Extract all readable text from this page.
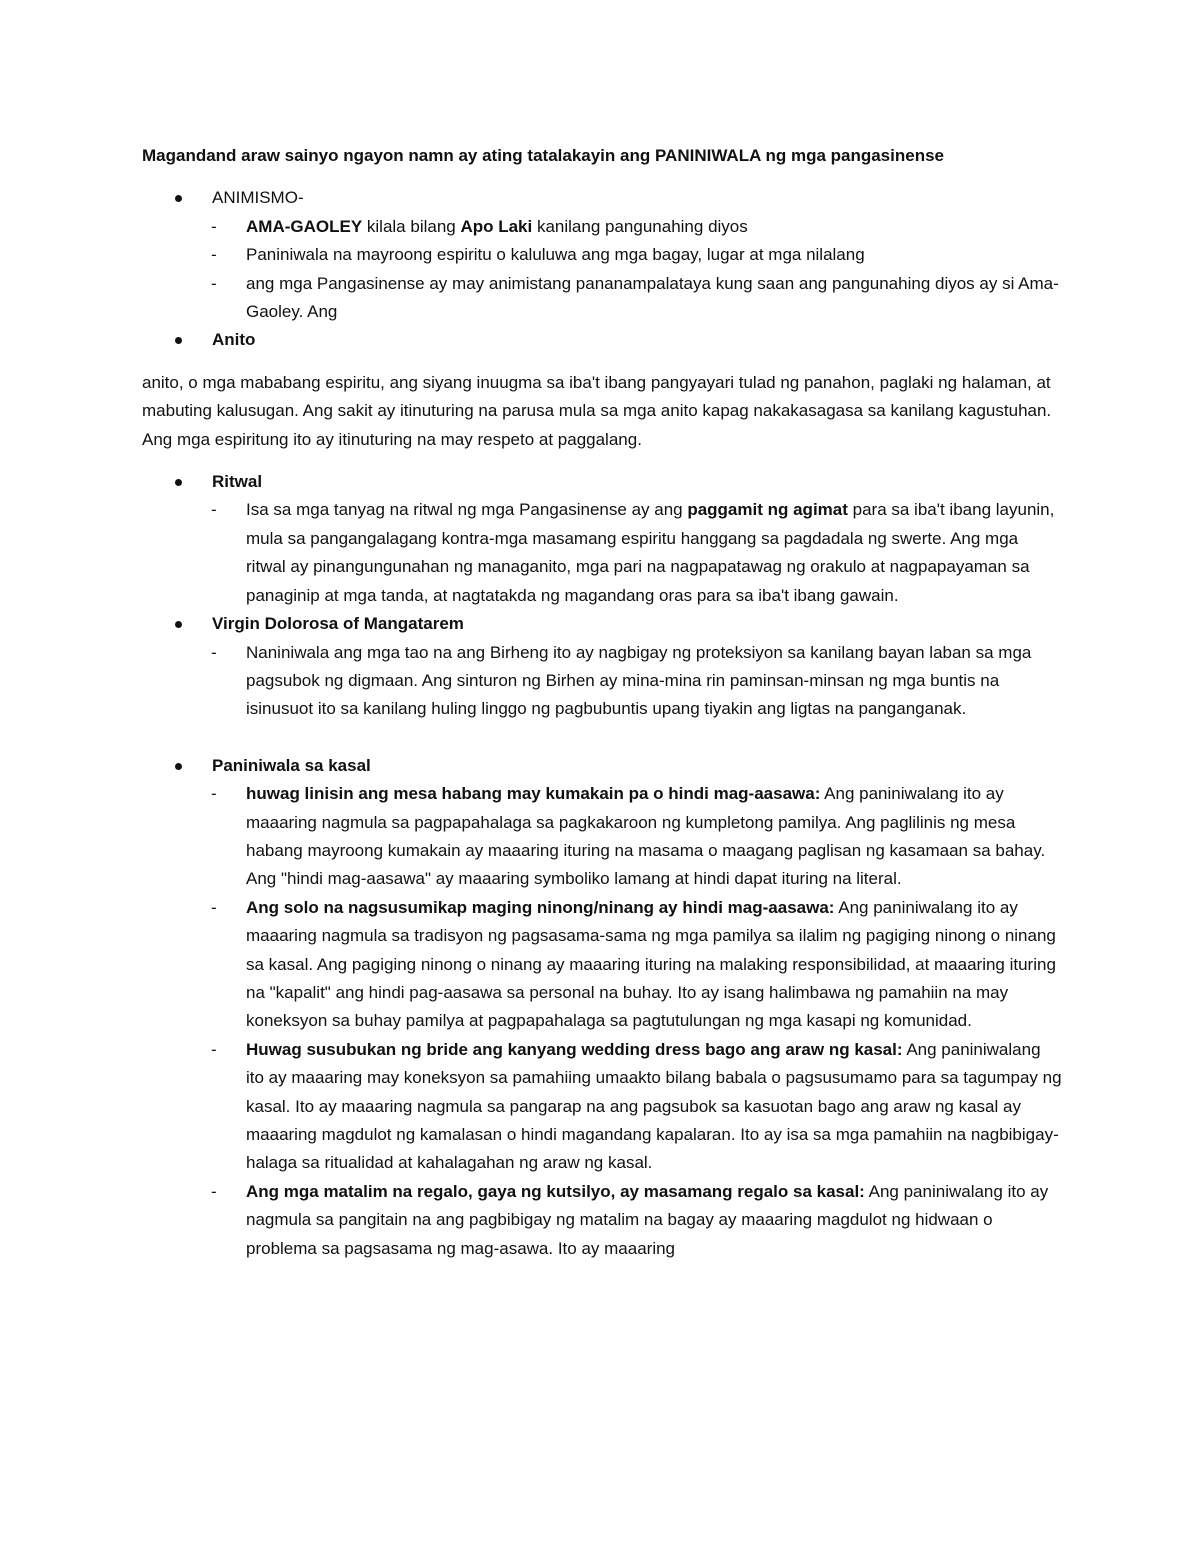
Magandand araw sainyo ngayon namn ay ating tatalakayin ang PANINIWALA ng mga pangasinense

ANIMISMO-
- AMA-GAOLEY kilala bilang Apo Laki kanilang pangunahing diyos
- Paniniwala na mayroong espiritu o kaluluwa ang mga bagay, lugar at mga nilalang
- ang mga Pangasinense ay may animistang pananampalataya kung saan ang pangunahing diyos ay si Ama-Gaoley. Ang
Anito

anito, o mga mababang espiritu, ang siyang inuugma sa iba't ibang pangyayari tulad ng panahon, paglaki ng halaman, at mabuting kalusugan. Ang sakit ay itinuturing na parusa mula sa mga anito kapag nakakasagasa sa kanilang kagustuhan. Ang mga espiritung ito ay itinuturing na may respeto at paggalang.

Ritwal
- Isa sa mga tanyag na ritwal ng mga Pangasinense ay ang paggamit ng agimat para sa iba't ibang layunin, mula sa pangangalagang kontra-mga masamang espiritu hanggang sa pagdadala ng swerte. Ang mga ritwal ay pinangungunahan ng managanito, mga pari na nagpapatawag ng orakulo at nagpapayaman sa panaginip at mga tanda, at nagtatakda ng magandang oras para sa iba't ibang gawain.
Virgin Dolorosa of Mangatarem
- Naniniwala ang mga tao na ang Birheng ito ay nagbigay ng proteksiyon sa kanilang bayan laban sa mga pagsubok ng digmaan. Ang sinturon ng Birhen ay mina-mina rin paminsan-minsan ng mga buntis na isinusuot ito sa kanilang huling linggo ng pagbubuntis upang tiyakin ang ligtas na panganganak.
Paniniwala sa kasal
- huwag linisin ang mesa habang may kumakain pa o hindi mag-aasawa: Ang paniniwalang ito ay maaaring nagmula sa pagpapahalaga sa pagkakaroon ng kumpletong pamilya. Ang paglilinis ng mesa habang mayroong kumakain ay maaaring ituring na masama o maagang paglisan ng kasamaan sa bahay. Ang "hindi mag-aasawa" ay maaaring symboliko lamang at hindi dapat ituring na literal.
- Ang solo na nagsusumikap maging ninong/ninang ay hindi mag-aasawa: Ang paniniwalang ito ay maaaring nagmula sa tradisyon ng pagsasama-sama ng mga pamilya sa ilalim ng pagiging ninong o ninang sa kasal. Ang pagiging ninong o ninang ay maaaring ituring na malaking responsibilidad, at maaaring ituring na "kapalit" ang hindi pag-aasawa sa personal na buhay. Ito ay isang halimbawa ng pamahiin na may koneksyon sa buhay pamilya at pagpapahalaga sa pagtutulungan ng mga kasapi ng komunidad.
- Huwag susubukan ng bride ang kanyang wedding dress bago ang araw ng kasal: Ang paniniwalang ito ay maaaring may koneksyon sa pamahiing umaakto bilang babala o pagsusumamo para sa tagumpay ng kasal. Ito ay maaaring nagmula sa pangarap na ang pagsubok sa kasuotan bago ang araw ng kasal ay maaaring magdulot ng kamalasan o hindi magandang kapalaran. Ito ay isa sa mga pamahiin na nagbibigay-halaga sa ritualidad at kahalagahan ng araw ng kasal.
- Ang mga matalim na regalo, gaya ng kutsilyo, ay masamang regalo sa kasal: Ang paniniwalang ito ay nagmula sa pangitain na ang pagbibigay ng matalim na bagay ay maaaring magdulot ng hidwaan o problema sa pagsasama ng mag-asawa. Ito ay maaaring
